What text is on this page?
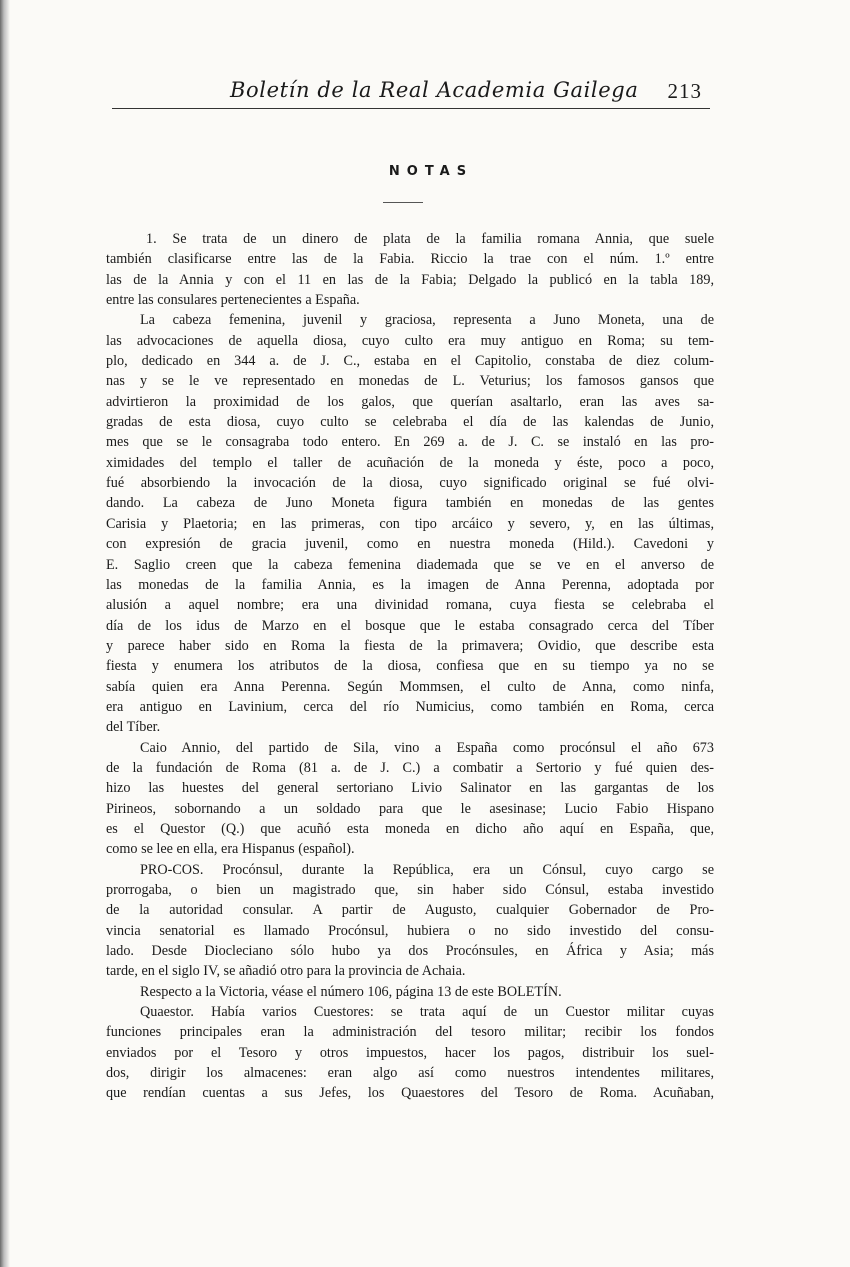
Boletín de la Real Academia Gailega 213
NOTAS
1. Se trata de un dinero de plata de la familia romana Annia, que suele
también clasificarse entre las de la Fabia. Riccio la trae con el núm. 1.º entre
las de la Annia y con el 11 en las de la Fabia; Delgado la publicó en la tabla 189,
entre las consulares pertenecientes a España.
La cabeza femenina, juvenil y graciosa, representa a Juno Moneta, una de
las advocaciones de aquella diosa, cuyo culto era muy antiguo en Roma; su tem-
plo, dedicado en 344 a. de J. C., estaba en el Capitolio, constaba de diez colum-
nas y se le ve representado en monedas de L. Veturius; los famosos gansos que
advirtieron la proximidad de los galos, que querían asaltarlo, eran las aves sa-
gradas de esta diosa, cuyo culto se celebraba el día de las kalendas de Junio,
mes que se le consagraba todo entero. En 269 a. de J. C. se instaló en las pro-
ximidades del templo el taller de acuñación de la moneda y éste, poco a poco,
fué absorbiendo la invocación de la diosa, cuyo significado original se fué olvi-
dando. La cabeza de Juno Moneta figura también en monedas de las gentes
Carisia y Plaetoria; en las primeras, con tipo arcáico y severo, y, en las últimas,
con expresión de gracia juvenil, como en nuestra moneda (Hild.). Cavedoni y
E. Saglio creen que la cabeza femenina diademada que se ve en el anverso de
las monedas de la familia Annia, es la imagen de Anna Perenna, adoptada por
alusión a aquel nombre; era una divinidad romana, cuya fiesta se celebraba el
día de los idus de Marzo en el bosque que le estaba consagrado cerca del Tíber
y parece haber sido en Roma la fiesta de la primavera; Ovidio, que describe esta
fiesta y enumera los atributos de la diosa, confiesa que en su tiempo ya no se
sabía quien era Anna Perenna. Según Mommsen, el culto de Anna, como ninfa,
era antiguo en Lavinium, cerca del río Numicius, como también en Roma, cerca
del Tíber.
Caio Annio, del partido de Sila, vino a España como procónsul el año 673
de la fundación de Roma (81 a. de J. C.) a combatir a Sertorio y fué quien des-
hizo las huestes del general sertoriano Livio Salinator en las gargantas de los
Pirineos, sobornando a un soldado para que le asesinase; Lucio Fabio Hispano
es el Questor (Q.) que acuñó esta moneda en dicho año aquí en España, que,
como se lee en ella, era Hispanus (español).
PRO-COS. Procónsul, durante la República, era un Cónsul, cuyo cargo se
prorrogaba, o bien un magistrado que, sin haber sido Cónsul, estaba investido
de la autoridad consular. A partir de Augusto, cualquier Gobernador de Pro-
vincia senatorial es llamado Procónsul, hubiera o no sido investido del consu-
lado. Desde Diocleciano sólo hubo ya dos Procónsules, en África y Asia; más
tarde, en el siglo IV, se añadió otro para la provincia de Achaia.
Respecto a la Victoria, véase el número 106, página 13 de este BOLETÍN.
Quaestor. Había varios Cuestores: se trata aquí de un Cuestor militar cuyas
funciones principales eran la administración del tesoro militar; recibir los fondos
enviados por el Tesoro y otros impuestos, hacer los pagos, distribuir los suel-
dos, dirigir los almacenes: eran algo así como nuestros intendentes militares,
que rendían cuentas a sus Jefes, los Quaestores del Tesoro de Roma. Acuñaban,
